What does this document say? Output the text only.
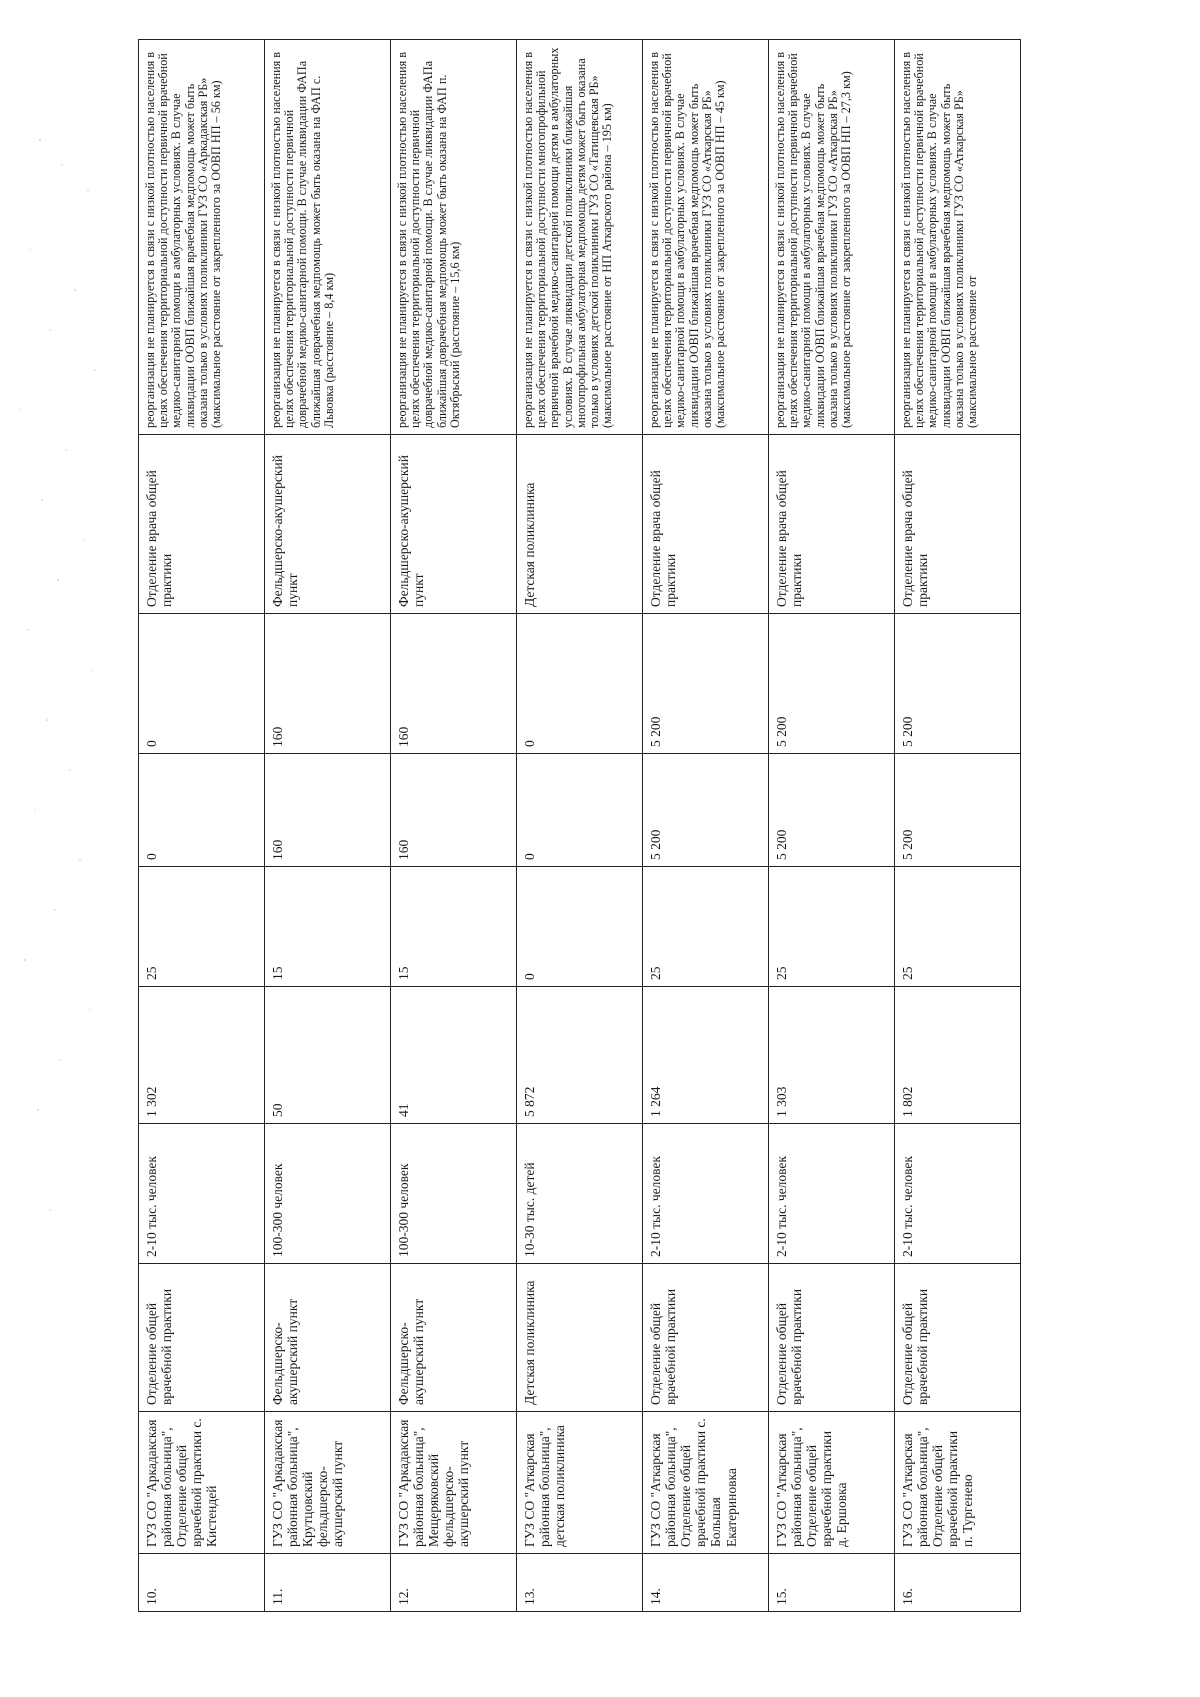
10.	ГУЗ СО "Аркадакская районная больница", Отделение общей врачебной практики с. Кистендей	Отделение общей врачебной практики	2-10 тыс. человек	1 302	25	0	0	Отделение врача общей практики	реорганизация не планируется в связи с низкой плотностью населения в целях обеспечения территориальной доступности первичной врачебной медико-санитарной помощи в амбулаторных условиях. В случае ликвидации ООВП ближайшая врачебная медпомощь может быть оказана только в условиях поликлиники ГУЗ СО «Аркадакская РБ» (максимальное расстояние от закрепленного за ООВП НП – 56 км)
11.	ГУЗ СО "Аркадакская районная больница", Крутцовский фельдшерско-акушерский пункт	Фельдшерско-акушерский пункт	100-300 человек	50	15	160	160	Фельдшерско-акушерский пункт	реорганизация не планируется в связи с низкой плотностью населения в целях обеспечения территориальной доступности первичной доврачебной медико-санитарной помощи. В случае ликвидации ФАПа ближайшая доврачебная медпомощь может быть оказана на ФАП с. Львовка (расстояние – 8,4 км)
12.	ГУЗ СО "Аркадакская районная больница", Мещеряковский фельдшерско-акушерский пункт	Фельдшерско-акушерский пункт	100-300 человек	41	15	160	160	Фельдшерско-акушерский пункт	реорганизация не планируется в связи с низкой плотностью населения в целях обеспечения территориальной доступности первичной доврачебной медико-санитарной помощи. В случае ликвидации ФАПа ближайшая доврачебная медпомощь может быть оказана на ФАП п. Октябрьский (расстояние – 15,6 км)
13.	ГУЗ СО "Аткарская районная больница", детская поликлиника	Детская поликлиника	10-30 тыс. детей	5 872	0	0	0	Детская поликлиника	реорганизация не планируется в связи с низкой плотностью населения в целях обеспечения территориальной доступности многопрофильной первичной врачебной медико-санитарной помощи детям в амбулаторных условиях. В случае ликвидации детской поликлиники ближайшая многопрофильная амбулаторная медпомощь детям может быть оказана только в условиях детской поликлиники ГУЗ СО «Татищевская РБ» (максимальное расстояние от НП Аткарского района – 195 км)
14.	ГУЗ СО "Аткарская районная больница", Отделение общей врачебной практики с. Большая Екатериновка	Отделение общей врачебной практики	2-10 тыс. человек	1 264	25	5 200	5 200	Отделение врача общей практики	реорганизация не планируется в связи с низкой плотностью населения в целях обеспечения территориальной доступности первичной врачебной медико-санитарной помощи в амбулаторных условиях. В случае ликвидации ООВП ближайшая врачебная медпомощь может быть оказана только в условиях поликлиники ГУЗ СО «Аткарская РБ» (максимальное расстояние от закрепленного за ООВП НП – 45 км)
15.	ГУЗ СО "Аткарская районная больница", Отделение общей врачебной практики д. Ершовка	Отделение общей врачебной практики	2-10 тыс. человек	1 303	25	5 200	5 200	Отделение врача общей практики	реорганизация не планируется в связи с низкой плотностью населения в целях обеспечения территориальной доступности первичной врачебной медико-санитарной помощи в амбулаторных условиях. В случае ликвидации ООВП ближайшая врачебная медпомощь может быть оказана только в условиях поликлиники ГУЗ СО «Аткарская РБ» (максимальное расстояние от закрепленного за ООВП НП – 27,3 км)
16.	ГУЗ СО "Аткарская районная больница", Отделение общей врачебной практики п. Тургенево	Отделение общей врачебной практики	2-10 тыс. человек	1 802	25	5 200	5 200	Отделение врача общей практики	реорганизация не планируется в связи с низкой плотностью населения в целях обеспечения территориальной доступности первичной врачебной медико-санитарной помощи в амбулаторных условиях. В случае ликвидации ООВП ближайшая врачебная медпомощь может быть оказана только в условиях поликлиники ГУЗ СО «Аткарская РБ» (максимальное расстояние от
